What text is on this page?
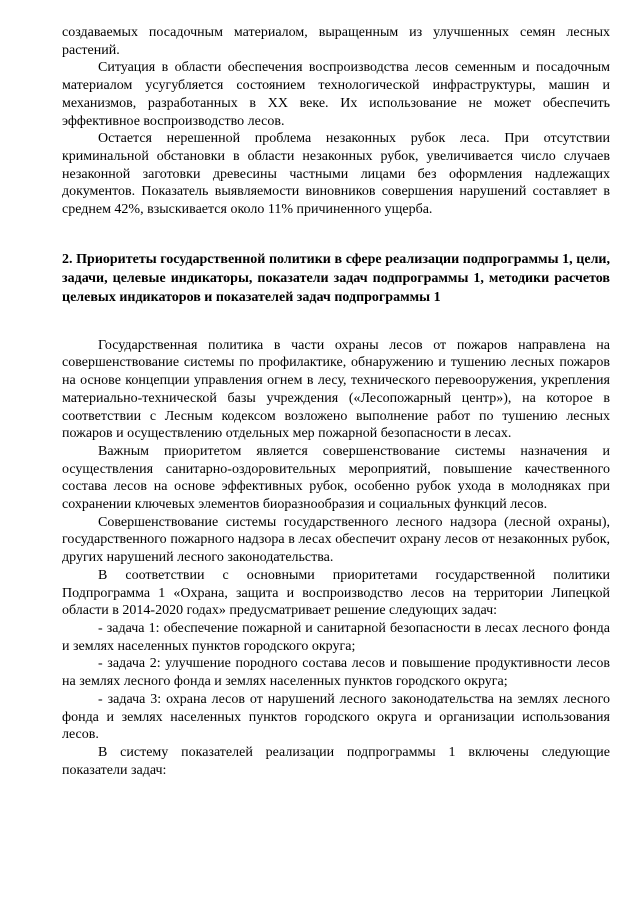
создаваемых посадочным материалом, выращенным из улучшенных семян лесных растений.

Ситуация в области обеспечения воспроизводства лесов семенным и посадочным материалом усугубляется состоянием технологической инфраструктуры, машин и механизмов, разработанных в XX веке. Их использование не может обеспечить эффективное воспроизводство лесов.

Остается нерешенной проблема незаконных рубок леса. При отсутствии криминальной обстановки в области незаконных рубок, увеличивается число случаев незаконной заготовки древесины частными лицами без оформления надлежащих документов. Показатель выявляемости виновников совершения нарушений составляет в среднем 42%, взыскивается около 11% причиненного ущерба.

2. Приоритеты государственной политики в сфере реализации подпрограммы 1, цели, задачи, целевые индикаторы, показатели задач подпрограммы 1, методики расчетов целевых индикаторов и показателей задач подпрограммы 1

Государственная политика в части охраны лесов от пожаров направлена на совершенствование системы по профилактике, обнаружению и тушению лесных пожаров на основе концепции управления огнем в лесу, технического перевооружения, укрепления материально-технической базы учреждения («Лесопожарный центр»), на которое в соответствии с Лесным кодексом возложено выполнение работ по тушению лесных пожаров и осуществлению отдельных мер пожарной безопасности в лесах.

Важным приоритетом является совершенствование системы назначения и осуществления санитарно-оздоровительных мероприятий, повышение качественного состава лесов на основе эффективных рубок, особенно рубок ухода в молодняках при сохранении ключевых элементов биоразнообразия и социальных функций лесов.

Совершенствование системы государственного лесного надзора (лесной охраны), государственного пожарного надзора в лесах обеспечит охрану лесов от незаконных рубок, других нарушений лесного законодательства.

В соответствии с основными приоритетами государственной политики Подпрограмма 1 «Охрана, защита и воспроизводство лесов на территории Липецкой области в 2014-2020 годах» предусматривает решение следующих задач:

- задача 1: обеспечение пожарной и санитарной безопасности в лесах лесного фонда и землях населенных пунктов городского округа;

- задача 2: улучшение породного состава лесов и повышение продуктивности лесов на землях лесного фонда и землях населенных пунктов городского округа;

- задача 3: охрана лесов от нарушений лесного законодательства на землях лесного фонда и землях населенных пунктов городского округа и организации использования лесов.

В систему показателей реализации подпрограммы 1 включены следующие показатели задач:
